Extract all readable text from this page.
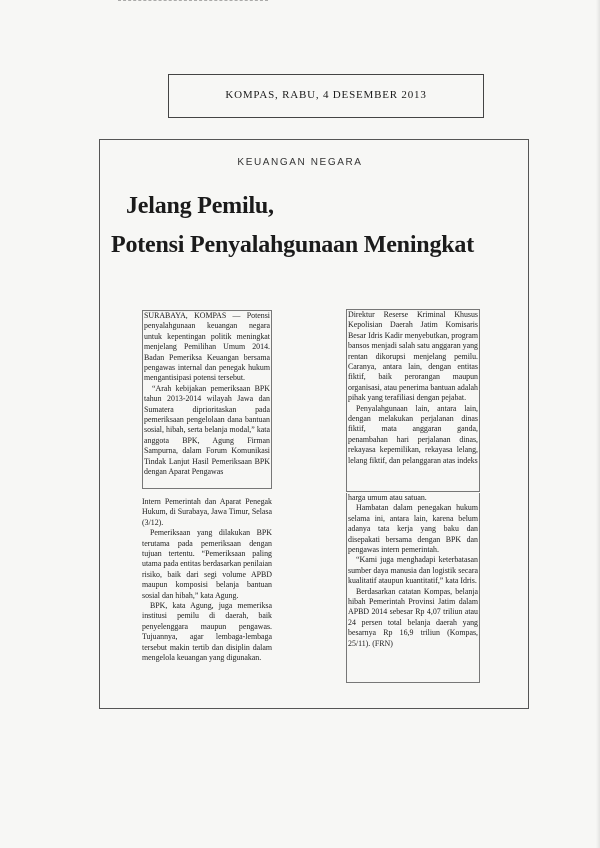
KOMPAS, RABU, 4 DESEMBER 2013
KEUANGAN NEGARA
Jelang Pemilu,
Potensi Penyalahgunaan Meningkat

SURABAYA, KOMPAS — Potensi penyalahgunaan keuangan negara untuk kepentingan politik meningkat menjelang Pemilihan Umum 2014. Badan Pemeriksa Keuangan bersama pengawas internal dan penegak hukum mengantisipasi potensi tersebut.

“Arah kebijakan pemeriksaan BPK tahun 2013-2014 wilayah Jawa dan Sumatera diprioritaskan pada pemeriksaan pengelolaan dana bantuan sosial, hibah, serta belanja modal,” kata anggota BPK, Agung Firman Sampurna, dalam Forum Komunikasi Tindak Lanjut Hasil Pemeriksaan BPK dengan Aparat Pengawas

Intern Pemerintah dan Aparat Penegak Hukum, di Surabaya, Jawa Timur, Selasa (3/12).

Pemeriksaan yang dilakukan BPK terutama pada pemeriksaan dengan tujuan tertentu. “Pemeriksaan paling utama pada entitas berdasarkan penilaian risiko, baik dari segi volume APBD maupun komposisi belanja bantuan sosial dan hibah,” kata Agung.

BPK, kata Agung, juga memeriksa institusi pemilu di daerah, baik penyelenggara maupun pengawas. Tujuannya, agar lembaga-lembaga tersebut makin tertib dan disiplin dalam mengelola keuangan yang digunakan.

Direktur Reserse Kriminal Khusus Kepolisian Daerah Jatim Komisaris Besar Idris Kadir menyebutkan, program bansos menjadi salah satu anggaran yang rentan dikorupsi menjelang pemilu. Caranya, antara lain, dengan entitas fiktif, baik perorangan maupun organisasi, atau penerima bantuan adalah pihak yang terafiliasi dengan pejabat.

Penyalahgunaan lain, antara lain, dengan melakukan perjalanan dinas fiktif, mata anggaran ganda, penambahan hari perjalanan dinas, rekayasa kepemilikan, rekayasa lelang, lelang fiktif, dan pelanggaran atas indeks

harga umum atau satuan.

Hambatan dalam penegakan hukum selama ini, antara lain, karena belum adanya tata kerja yang baku dan disepakati bersama dengan BPK dan pengawas intern pemerintah.

“Kami juga menghadapi keterbatasan sumber daya manusia dan logistik secara kualitatif ataupun kuantitatif,” kata Idris.

Berdasarkan catatan Kompas, belanja hibah Pemerintah Provinsi Jatim dalam APBD 2014 sebesar Rp 4,07 triliun atau 24 persen total belanja daerah yang besarnya Rp 16,9 triliun (Kompas, 25/11). (FRN)
